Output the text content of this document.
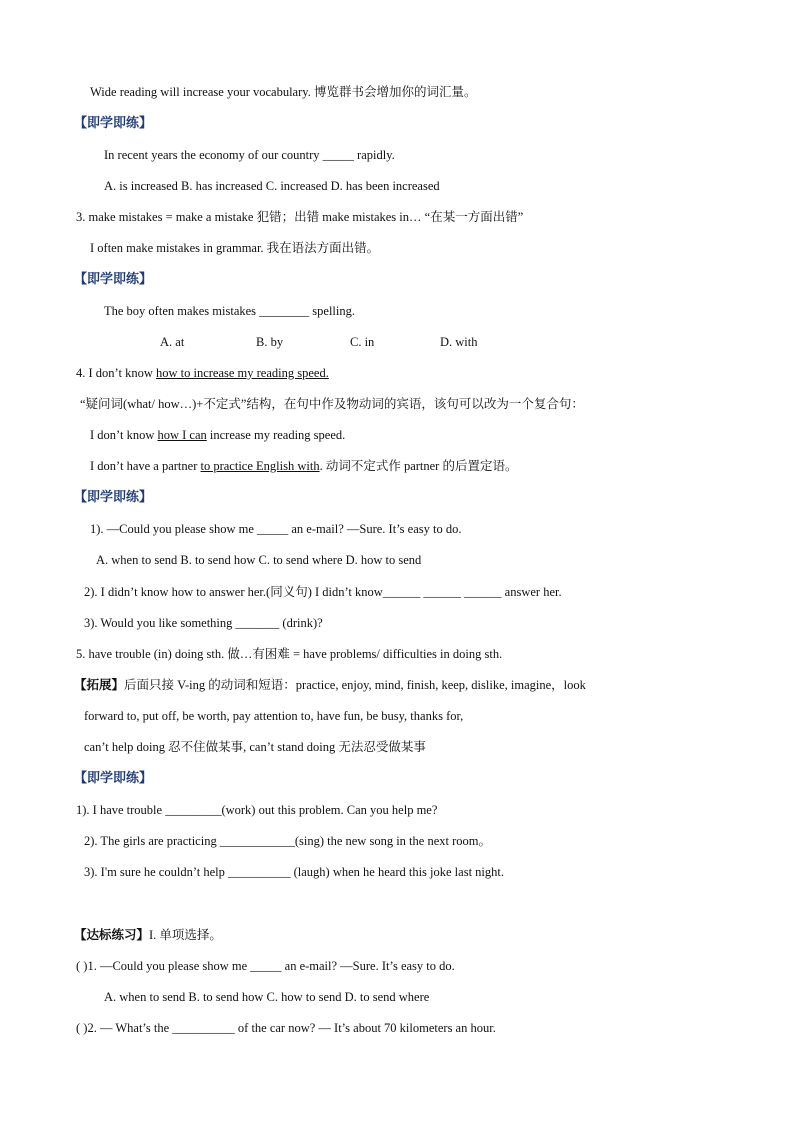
Wide reading will increase your vocabulary. 博览群书会增加你的词汇量。
【即学即练】
In recent years the economy of our country _____ rapidly.
A. is increased B. has increased C. increased D. has been increased
3. make mistakes = make a mistake 犯错；出错 make mistakes in… “在某一方面出错”
I often make mistakes in grammar. 我在语法方面出错。
【即学即练】
The boy often makes mistakes ________ spelling.
A. at	B. by	C. in	D. with
4. I don’t know how to increase my reading speed.
“疑问词(what/ how…)+不定式”结构，在句中作及物动词的宾语，该句可以改为一个复合句：
I don’t know how I can increase my reading speed.
I don’t have a partner to practice English with. 动词不定式作 partner 的后置定语。
【即学即练】
1). —Could you please show me _____ an e-mail? —Sure. It’s easy to do.
A. when to send B. to send how C. to send where D. how to send
2). I didn’t know how to answer her.(同义句) I didn’t know______ ______ ______ answer her.
3). Would you like something _______ (drink)?
5. have trouble (in) doing sth. 做…有困难 = have problems/ difficulties in doing sth.
【拓展】后面只接 V-ing 的动词和短语：practice, enjoy, mind, finish, keep, dislike, imagine，look
forward to, put off, be worth, pay attention to, have fun, be busy, thanks for,
can’t help doing 忍不住做某事, can’t stand doing 无法忍受做某事
【即学即练】
1). I have trouble _________(work) out this problem. Can you help me?
2). The girls are practicing ____________(sing) the new song in the next room。
3). I'm sure he couldn’t help __________ (laugh) when he heard this joke last night.
【达标练习】I. 单项选择。
( )1. —Could you please show me _____ an e-mail? —Sure. It’s easy to do.
A. when to send B. to send how C. how to send D. to send where
( )2. — What’s the __________ of the car now? — It’s about 70 kilometers an hour.
